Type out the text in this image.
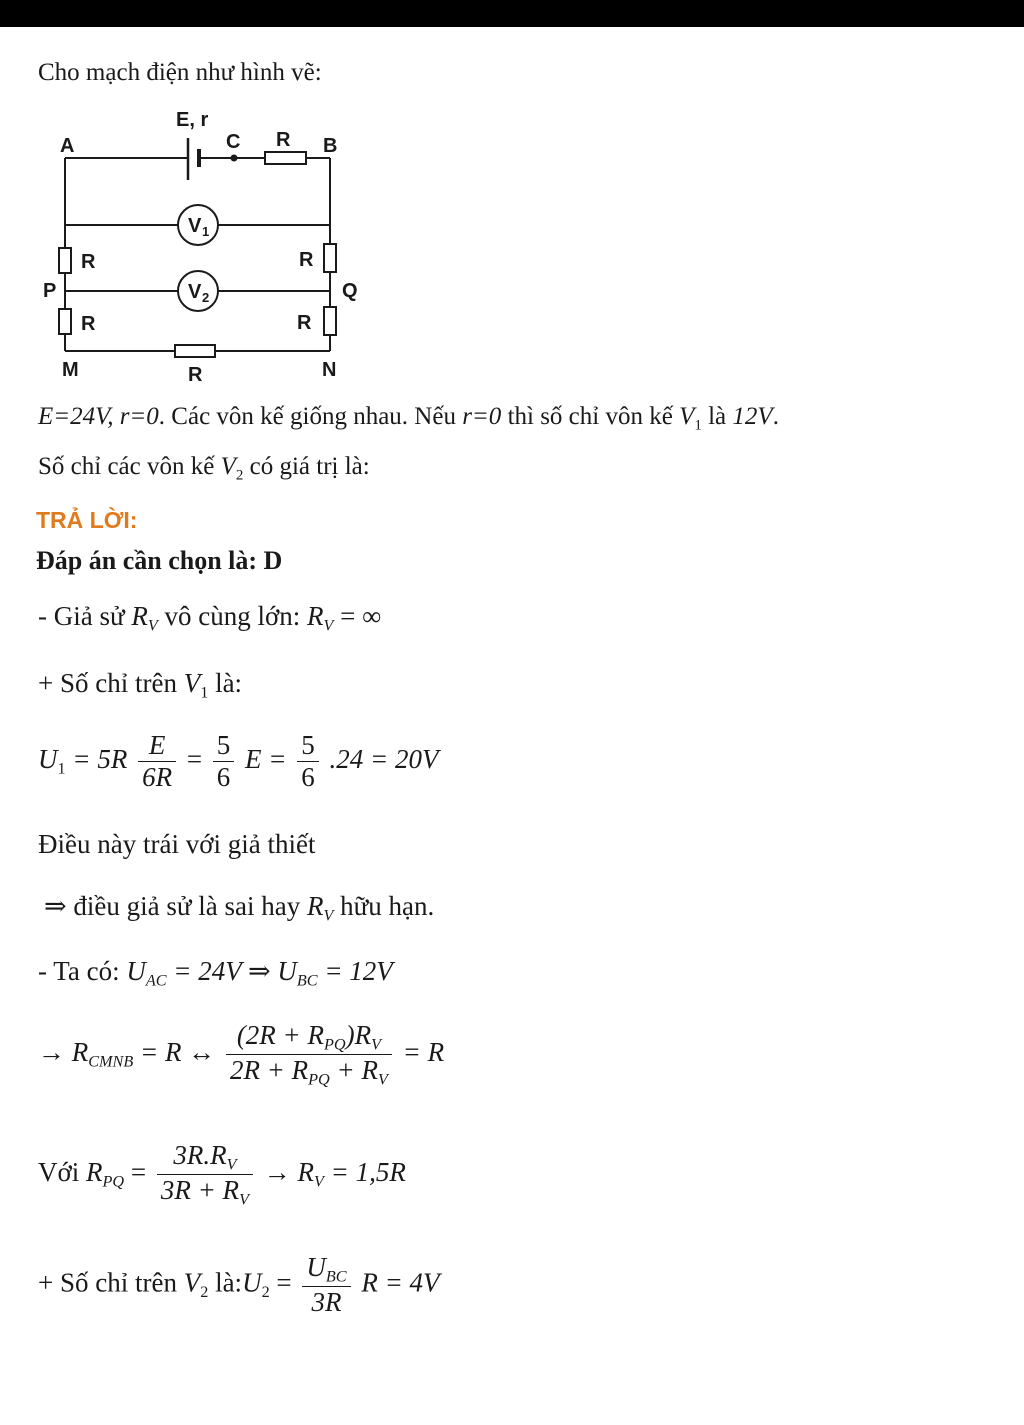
Cho mạch điện như hình vẽ:
A	B
C
E, r
R
P	Q
M	N
R
R
R
R
R
V 1
V 2
E=24V, r=0. Các vôn kế giống nhau. Nếu r=0 thì số chỉ vôn kế $V_1$ là 12V.
Số chỉ các vôn kế $V_2$ có giá trị là:
TRẢ LỜI:
Đáp án cần chọn là: D
- Giả sử $R_V$ vô cùng lớn: $R_V$ = ∞
+ Số chỉ trên $V_1$ là:
$U_1 = 5R \frac{E}{6R} = \frac{5}{6}$ $E = \frac{5}{6} .24 = 20V$
Điều này trái với giả thiết
⇒ điều giả sử là sai hay $R_V$ hữu hạn.
- Ta có: $U_{AC} = 24V$ ⇒ $U_{BC} = 12V$
→ $R_{CMNB} = R$ ↔ $\frac{(2R + R_{PQ})R_V}{2R + R_{PQ} + R_V} = R$
Với $R_{PQ} = \frac{3R.R_V}{3R + R_V} \to R_V = 1,5R$
+ Số chỉ trên $V_2$ $là:U_2 = \frac{U_{BC}}{3R}$ R = 4V
